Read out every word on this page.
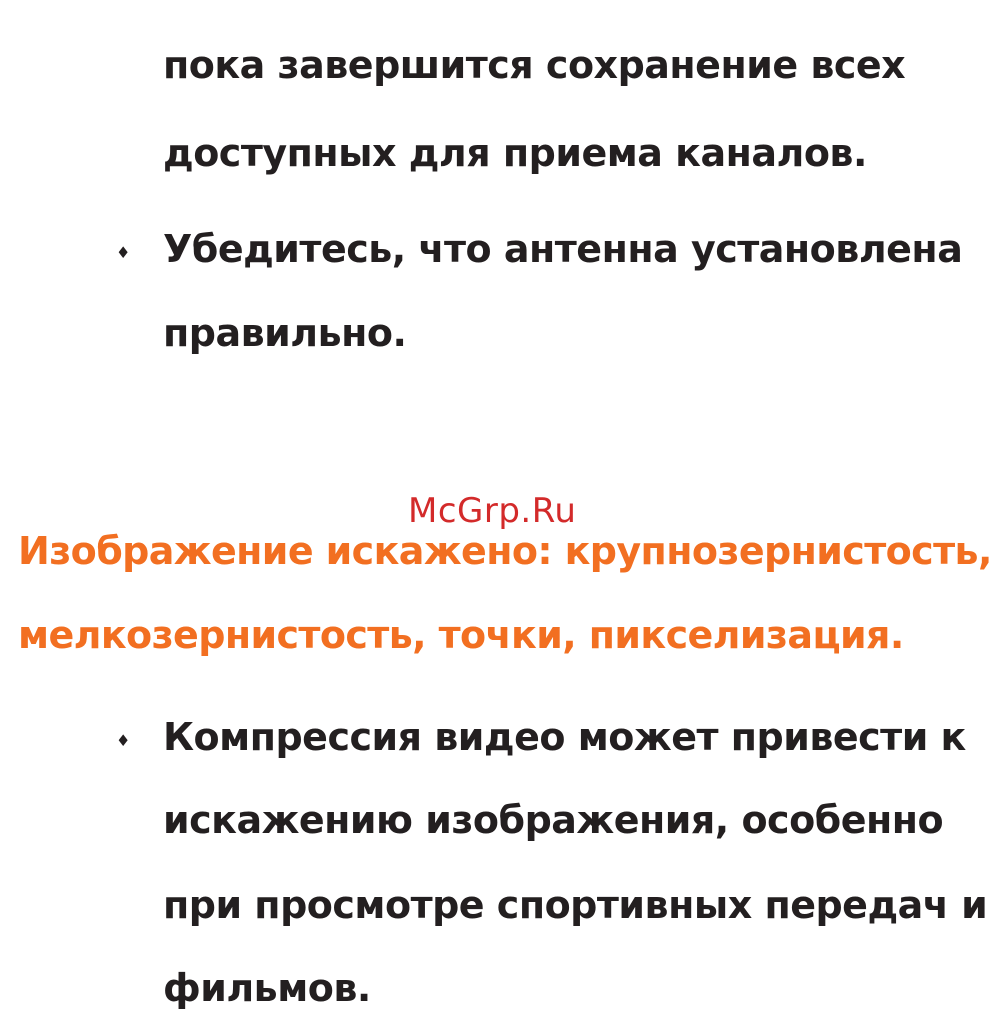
пока завершится сохранение всех
доступных для приема каналов.
♦ Убедитесь, что антенна установлена
правильно.
McGrp.Ru
Изображение искажено: крупнозернистость,
мелкозернистость, точки, пикселизация.
♦ Компрессия видео может привести к
искажению изображения, особенно
при просмотре спортивных передач и
фильмов.
